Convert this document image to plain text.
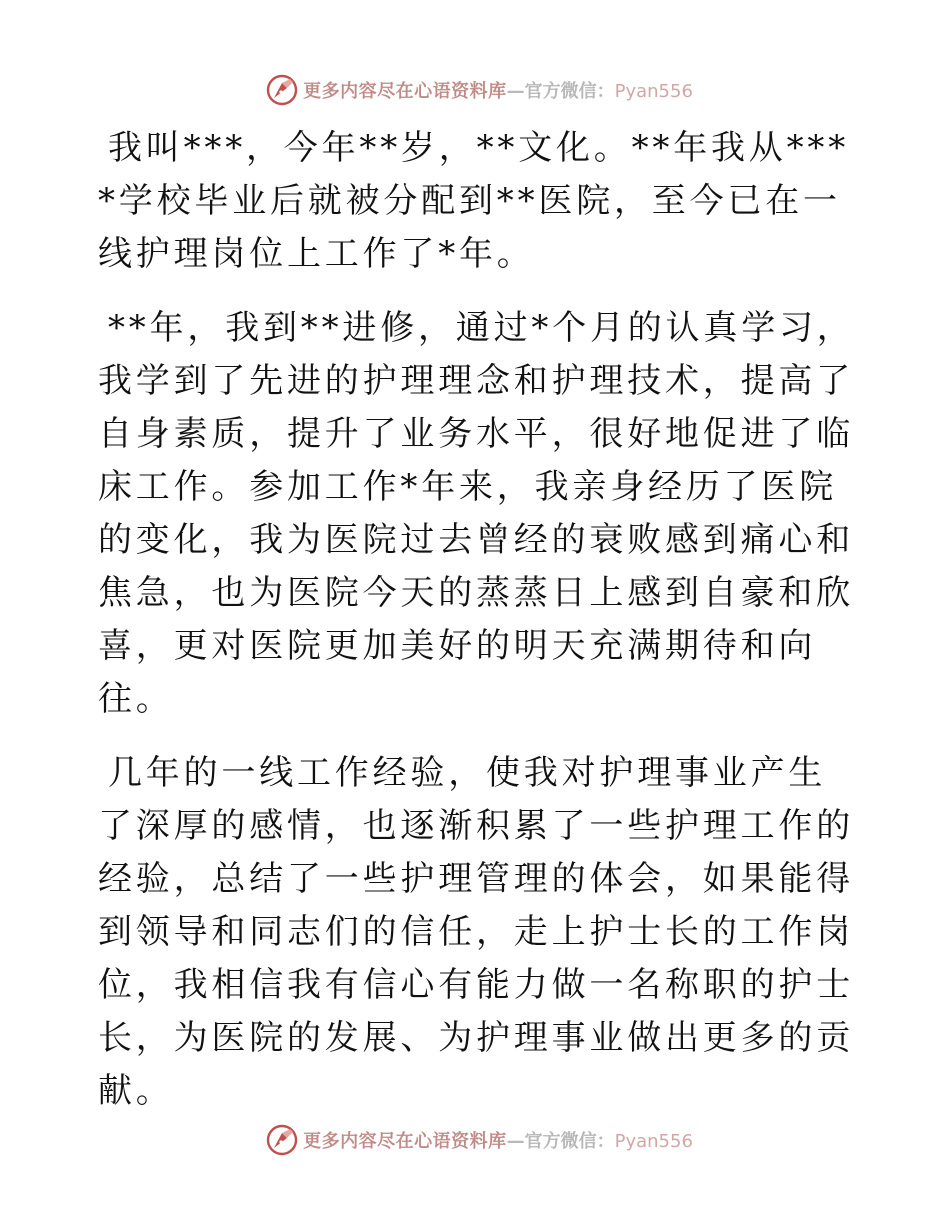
更多内容尽在心语资料库—官方微信：Pyan556

我叫***，今年**岁，**文化。**年我从****学校毕业后就被分配到**医院，至今已在一线护理岗位上工作了*年。

**年，我到**进修，通过*个月的认真学习，我学到了先进的护理理念和护理技术，提高了自身素质，提升了业务水平，很好地促进了临床工作。参加工作*年来，我亲身经历了医院的变化，我为医院过去曾经的衰败感到痛心和焦急，也为医院今天的蒸蒸日上感到自豪和欣喜，更对医院更加美好的明天充满期待和向往。

几年的一线工作经验，使我对护理事业产生了深厚的感情，也逐渐积累了一些护理工作的经验，总结了一些护理管理的体会，如果能得到领导和同志们的信任，走上护士长的工作岗位，我相信我有信心有能力做一名称职的护士长，为医院的发展、为护理事业做出更多的贡献。

更多内容尽在心语资料库—官方微信：Pyan556
